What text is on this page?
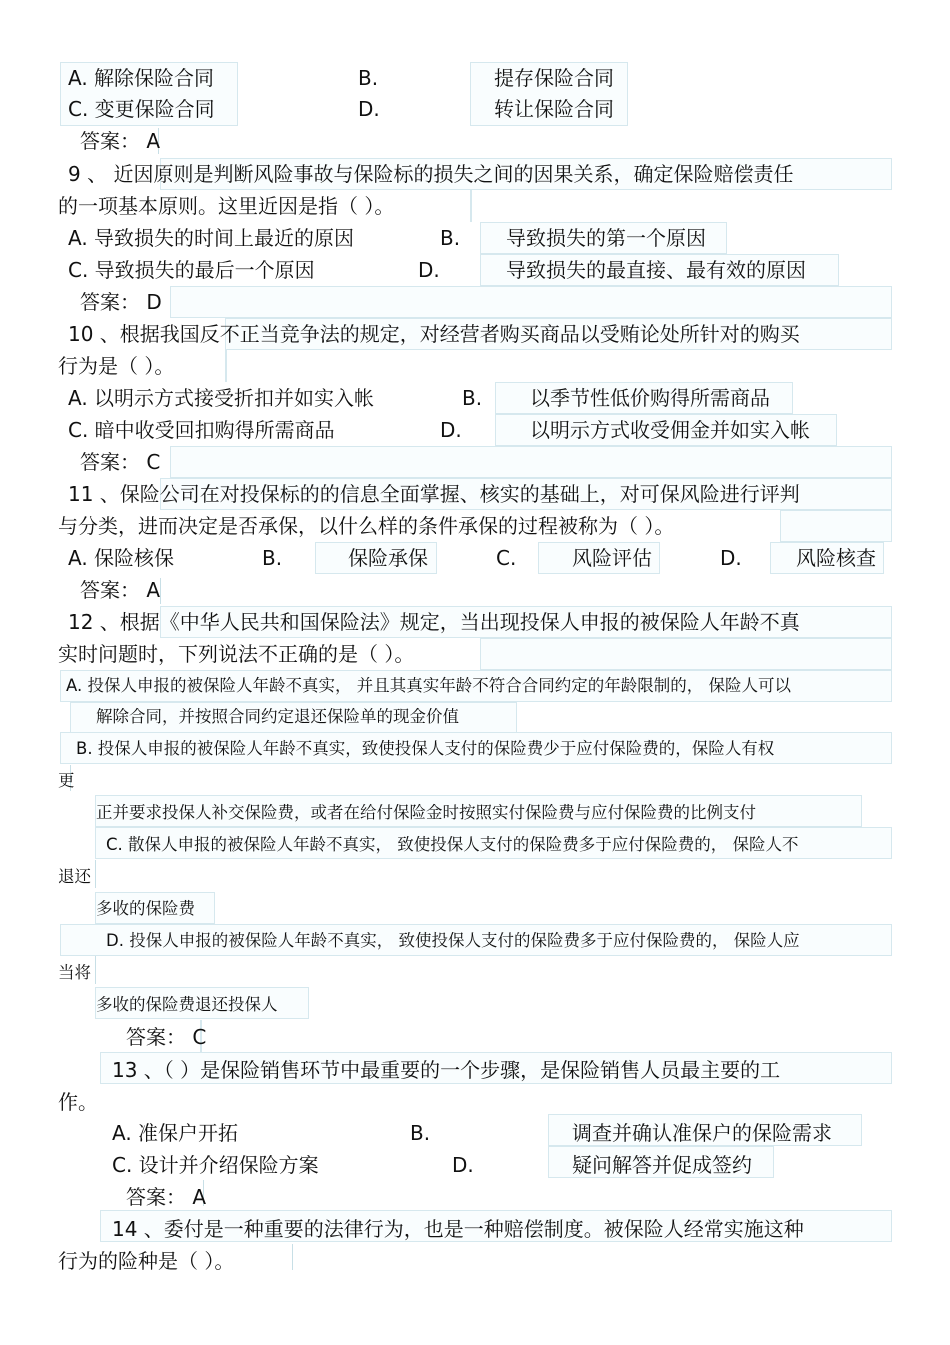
A. 解除保险合同	B.	提存保险合同
C. 变更保险合同	D.	转让保险合同
答案： A
9 、 近因原则是判断风险事故与保险标的损失之间的因果关系，确定保险赔偿责任
的一项基本原则。这里近因是指（ ）。
A. 导致损失的时间上最近的原因	B. 导致损失的第一个原因
C. 导致损失的最后一个原因	D.	导致损失的最直接、最有效的原因
答案： D
10 、根据我国反不正当竞争法的规定，对经营者购买商品以受贿论处所针对的购买
行为是（ ）。
A. 以明示方式接受折扣并如实入帐	B. 以季节性低价购得所需商品
C. 暗中收受回扣购得所需商品	D.	以明示方式收受佣金并如实入帐
答案： C
11 、保险公司在对投保标的的信息全面掌握、核实的基础上，对可保风险进行评判
与分类，进而决定是否承保，以什么样的条件承保的过程被称为（ ）。
A. 保险核保	B.	保险承保	C.	风险评估	D.	风险核查
答案： A
12 、根据《中华人民共和国保险法》规定，当出现投保人申报的被保险人年龄不真
实时问题时，下列说法不正确的是（ ）。
A. 投保人申报的被保险人年龄不真实， 并且其真实年龄不符合合同约定的年龄限制的， 保险人可以
解除合同，并按照合同约定退还保险单的现金价值
B. 投保人申报的被保险人年龄不真实，致使投保人支付的保险费少于应付保险费的，保险人有权
更
正并要求投保人补交保险费，或者在给付保险金时按照实付保险费与应付保险费的比例支付
C. 散保人申报的被保险人年龄不真实， 致使投保人支付的保险费多于应付保险费的， 保险人不
退还
多收的保险费
D. 投保人申报的被保险人年龄不真实， 致使投保人支付的保险费多于应付保险费的， 保险人应
当将
多收的保险费退还投保人
答案： C
13 、（ ）是保险销售环节中最重要的一个步骤，是保险销售人员最主要的工
作。
A. 准保户开拓	B.	调查并确认准保户的保险需求
C. 设计并介绍保险方案	D.	疑问解答并促成签约
答案： A
14 、委付是一种重要的法律行为，也是一种赔偿制度。被保险人经常实施这种
行为的险种是（ ）。
